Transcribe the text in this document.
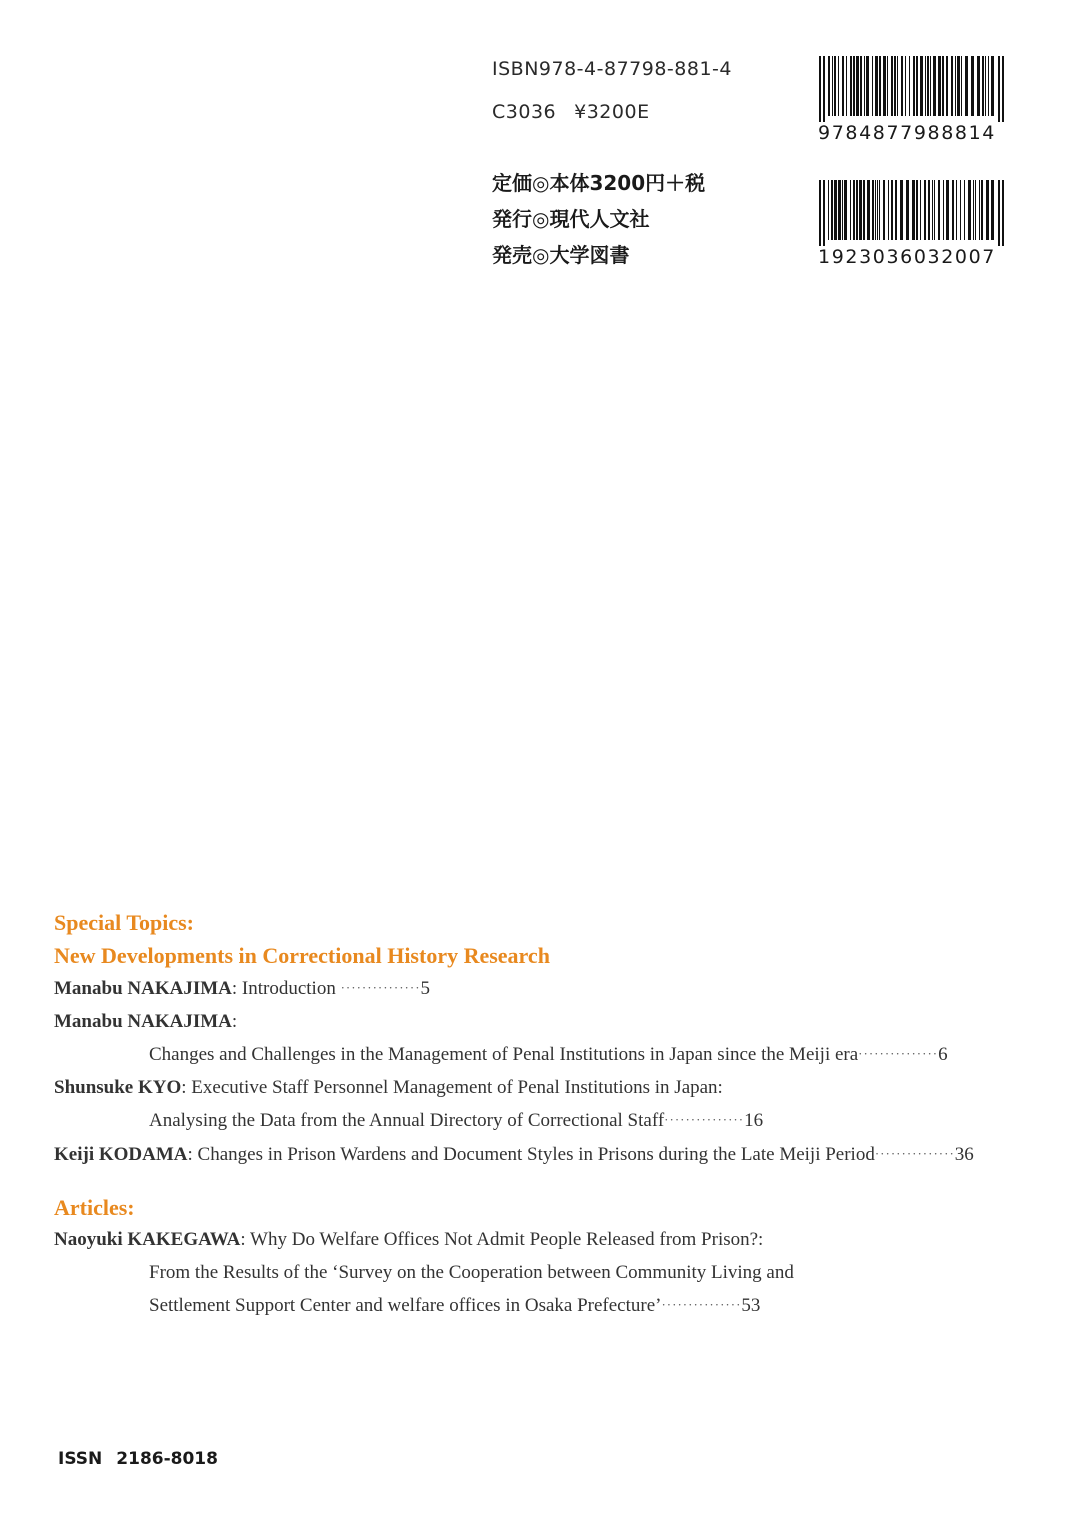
ISBN978-4-87798-881-4
C3036 ¥3200E
定価◎本体3200円＋税
発行◎現代人文社
発売◎大学図書
9784877988814
1923036032007
Special Topics:
New Developments in Correctional History Research
Manabu NAKAJIMA: Introduction ···············5
Manabu NAKAJIMA:
Changes and Challenges in the Management of Penal Institutions in Japan since the Meiji era···············6
Shunsuke KYO: Executive Staff Personnel Management of Penal Institutions in Japan:
Analysing the Data from the Annual Directory of Correctional Staff···············16
Keiji KODAMA: Changes in Prison Wardens and Document Styles in Prisons during the Late Meiji Period···············36
Articles:
Naoyuki KAKEGAWA: Why Do Welfare Offices Not Admit People Released from Prison?:
From the Results of the ‘Survey on the Cooperation between Community Living and
Settlement Support Center and welfare offices in Osaka Prefecture’···············53
ISSN 2186-8018
